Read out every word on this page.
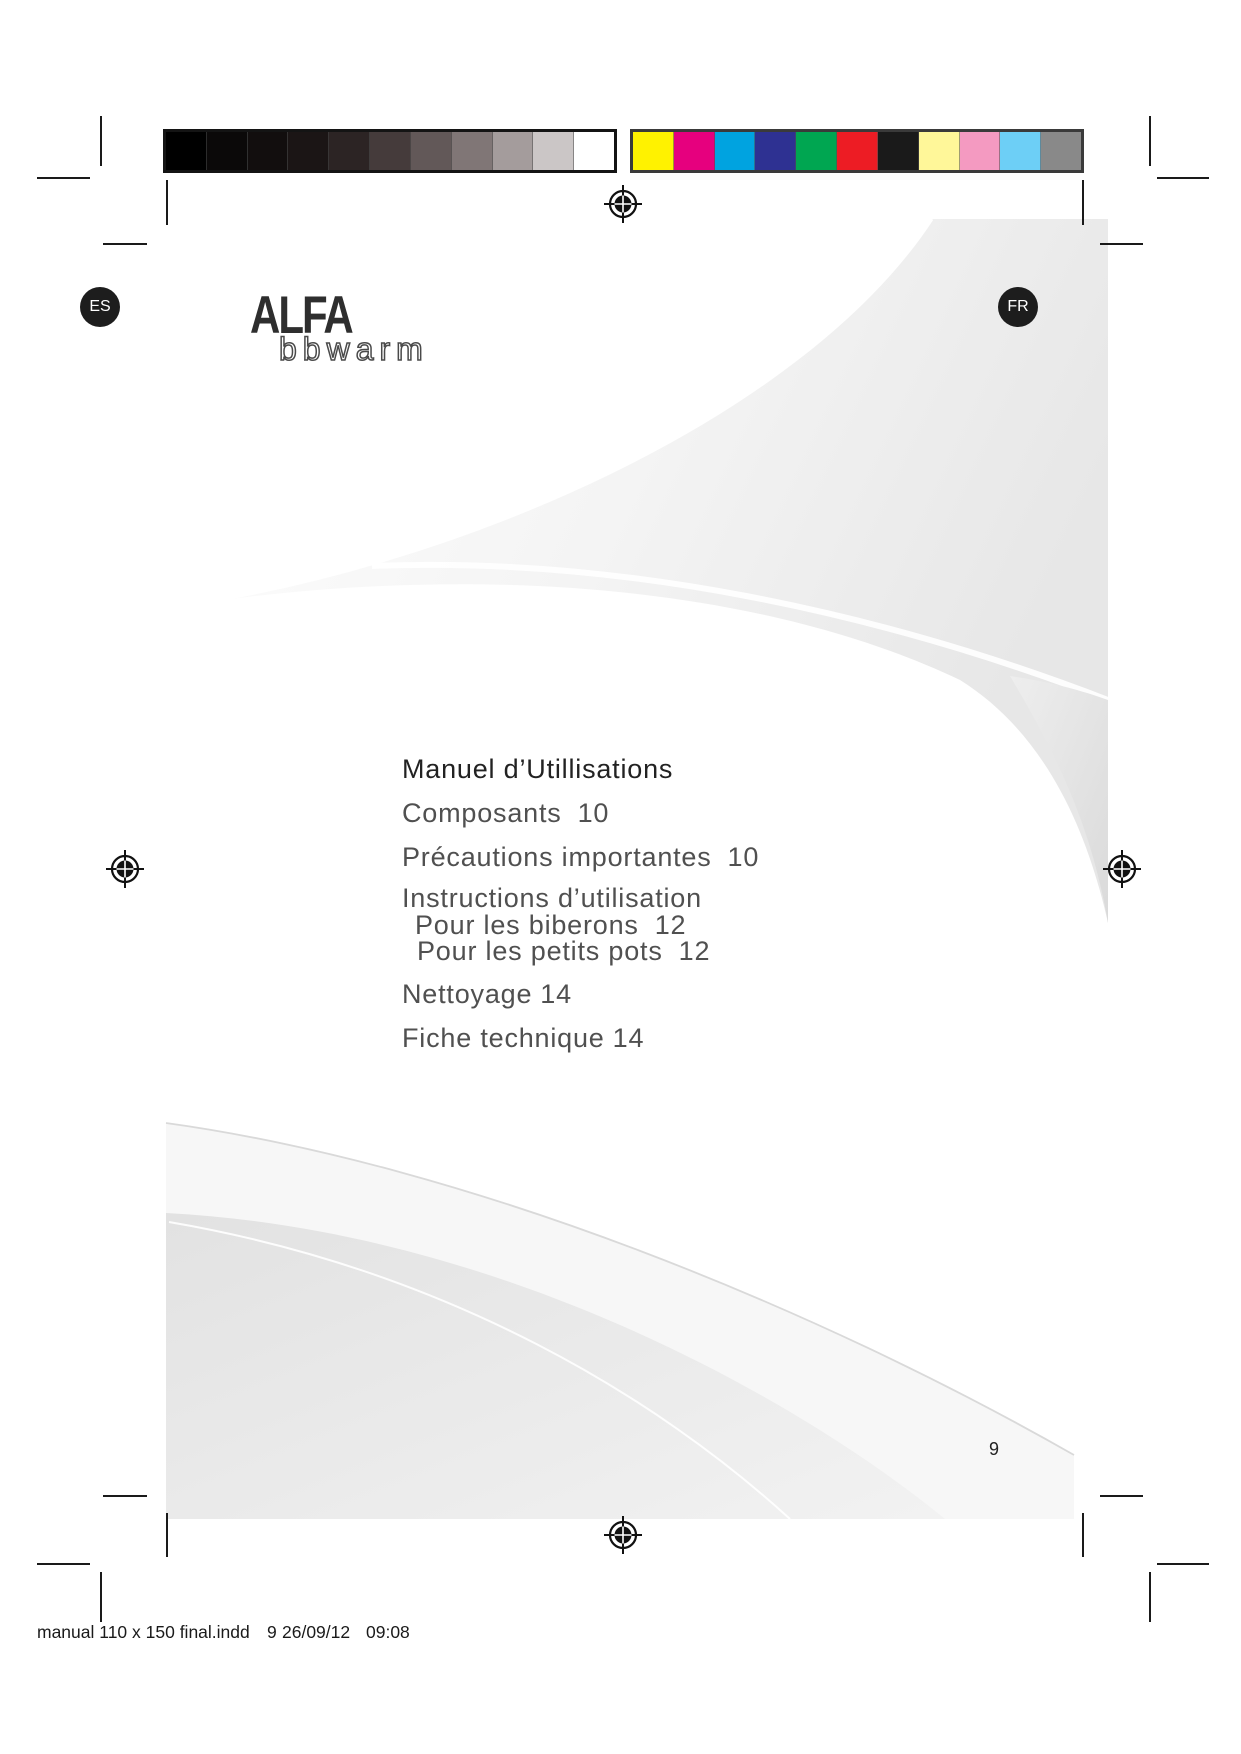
ES	FR
ALFA
bbwarm
Manuel d’Utillisations
Composants 10
Précautions importantes 10
Instructions d’utilisation
Pour les biberons 12
Pour les petits pots 12
Nettoyage 14
Fiche technique 14
9
manual 110 x 150 final.indd 9 26/09/12 09:08
